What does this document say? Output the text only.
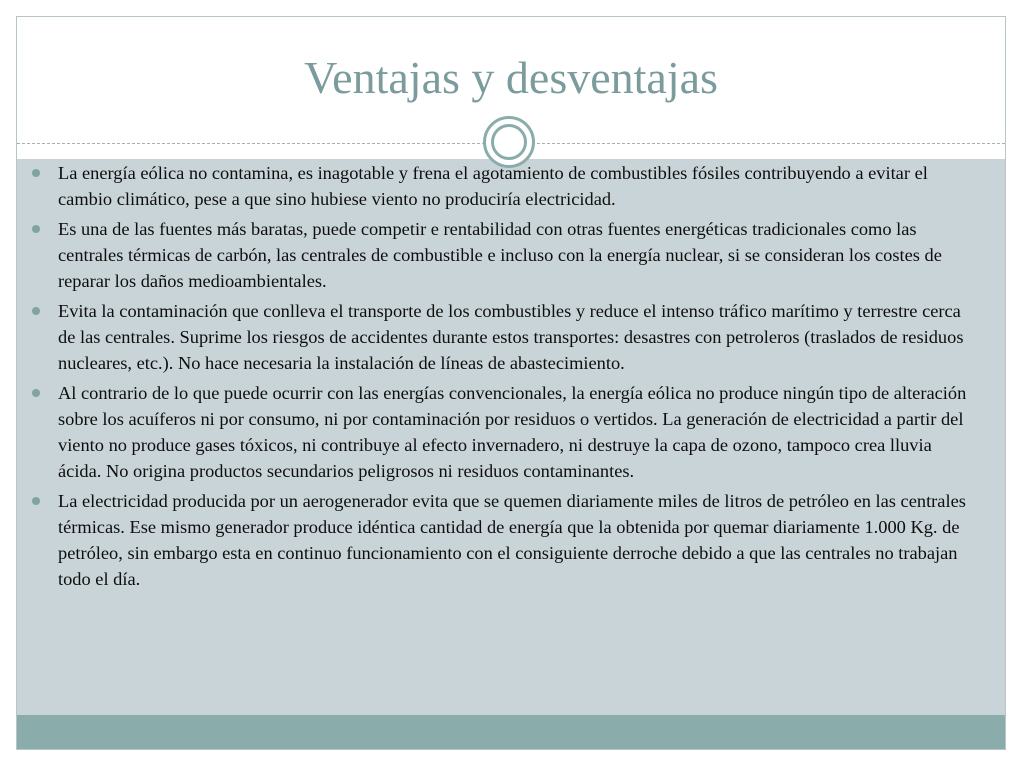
Ventajas y desventajas
La energía eólica no contamina, es inagotable y frena el agotamiento de combustibles fósiles contribuyendo a evitar el cambio climático, pese a que sino hubiese viento no produciría electricidad.
Es una de las fuentes más baratas, puede competir e rentabilidad con otras fuentes energéticas tradicionales como las centrales térmicas de carbón, las centrales de combustible e incluso con la energía nuclear, si se consideran los costes de reparar los daños medioambientales.
Evita la contaminación que conlleva el transporte de los combustibles y reduce el intenso tráfico marítimo y terrestre cerca de las centrales. Suprime los riesgos de accidentes durante estos transportes: desastres con petroleros (traslados de residuos nucleares, etc.). No hace necesaria la instalación de líneas de abastecimiento.
Al contrario de lo que puede ocurrir con las energías convencionales, la energía eólica no produce ningún tipo de alteración sobre los acuíferos ni por consumo, ni por contaminación por residuos o vertidos. La generación de electricidad a partir del viento no produce gases tóxicos, ni contribuye al efecto invernadero, ni destruye la capa de ozono, tampoco crea lluvia ácida. No origina productos secundarios peligrosos ni residuos contaminantes.
La electricidad producida por un aerogenerador evita que se quemen diariamente miles de litros de petróleo en las centrales térmicas. Ese mismo generador produce idéntica cantidad de energía que la obtenida por quemar diariamente 1.000 Kg. de petróleo, sin embargo esta en continuo funcionamiento con el consiguiente derroche debido a que las centrales no trabajan todo el día.
